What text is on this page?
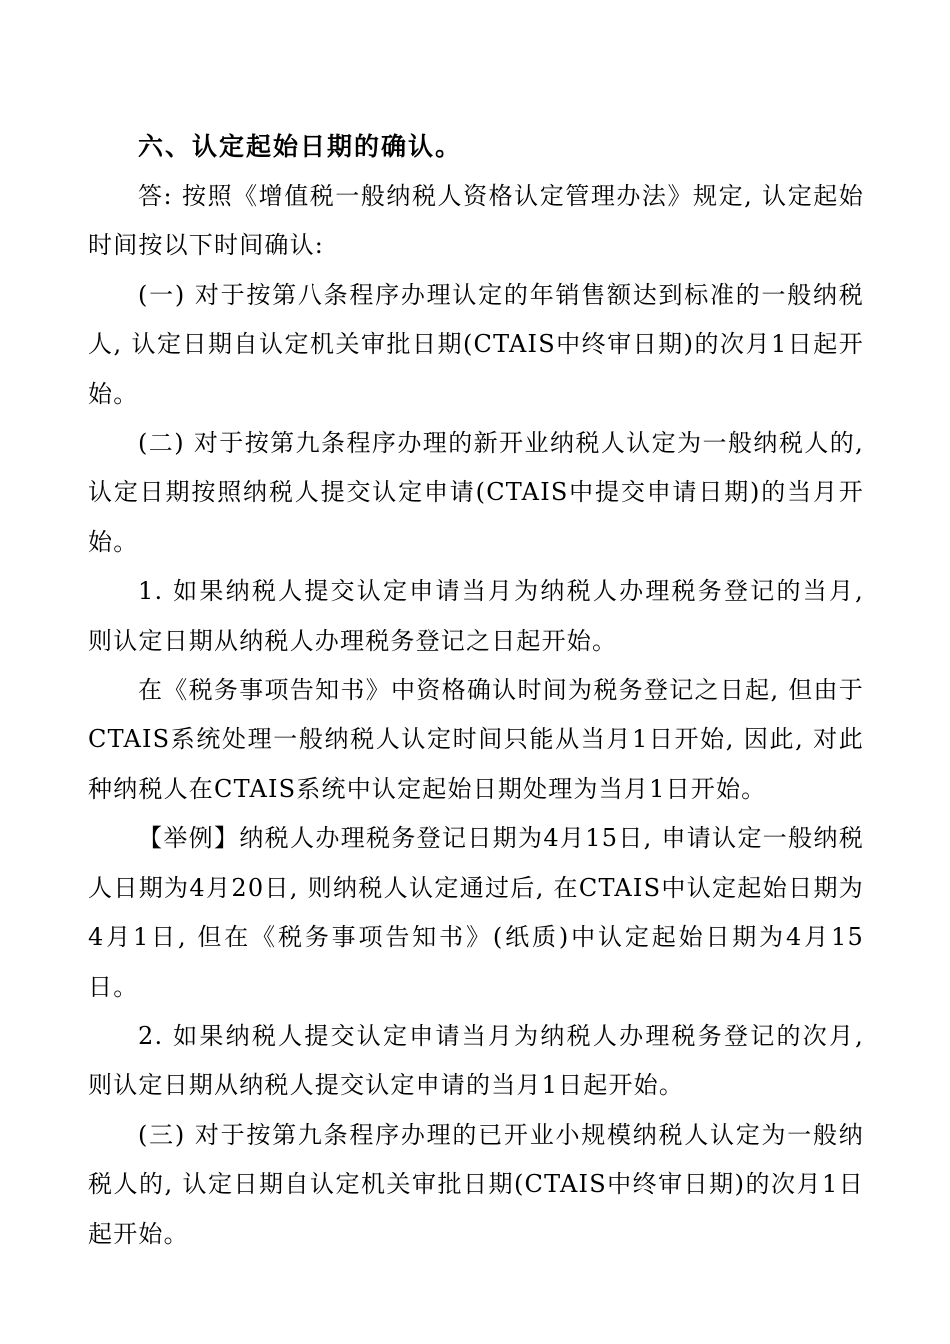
六、认定起始日期的确认。

答: 按照《增值税一般纳税人资格认定管理办法》规定, 认定起始时间按以下时间确认:

(一) 对于按第八条程序办理认定的年销售额达到标准的一般纳税人, 认定日期自认定机关审批日期(CTAIS中终审日期)的次月1日起开始。

(二) 对于按第九条程序办理的新开业纳税人认定为一般纳税人的, 认定日期按照纳税人提交认定申请(CTAIS中提交申请日期)的当月开始。

1. 如果纳税人提交认定申请当月为纳税人办理税务登记的当月, 则认定日期从纳税人办理税务登记之日起开始。

在《税务事项告知书》中资格确认时间为税务登记之日起, 但由于CTAIS系统处理一般纳税人认定时间只能从当月1日开始, 因此, 对此种纳税人在CTAIS系统中认定起始日期处理为当月1日开始。

【举例】纳税人办理税务登记日期为4月15日, 申请认定一般纳税人日期为4月20日, 则纳税人认定通过后, 在CTAIS中认定起始日期为4月1日, 但在《税务事项告知书》(纸质)中认定起始日期为4月15日。

2. 如果纳税人提交认定申请当月为纳税人办理税务登记的次月, 则认定日期从纳税人提交认定申请的当月1日起开始。

(三) 对于按第九条程序办理的已开业小规模纳税人认定为一般纳税人的, 认定日期自认定机关审批日期(CTAIS中终审日期)的次月1日起开始。
